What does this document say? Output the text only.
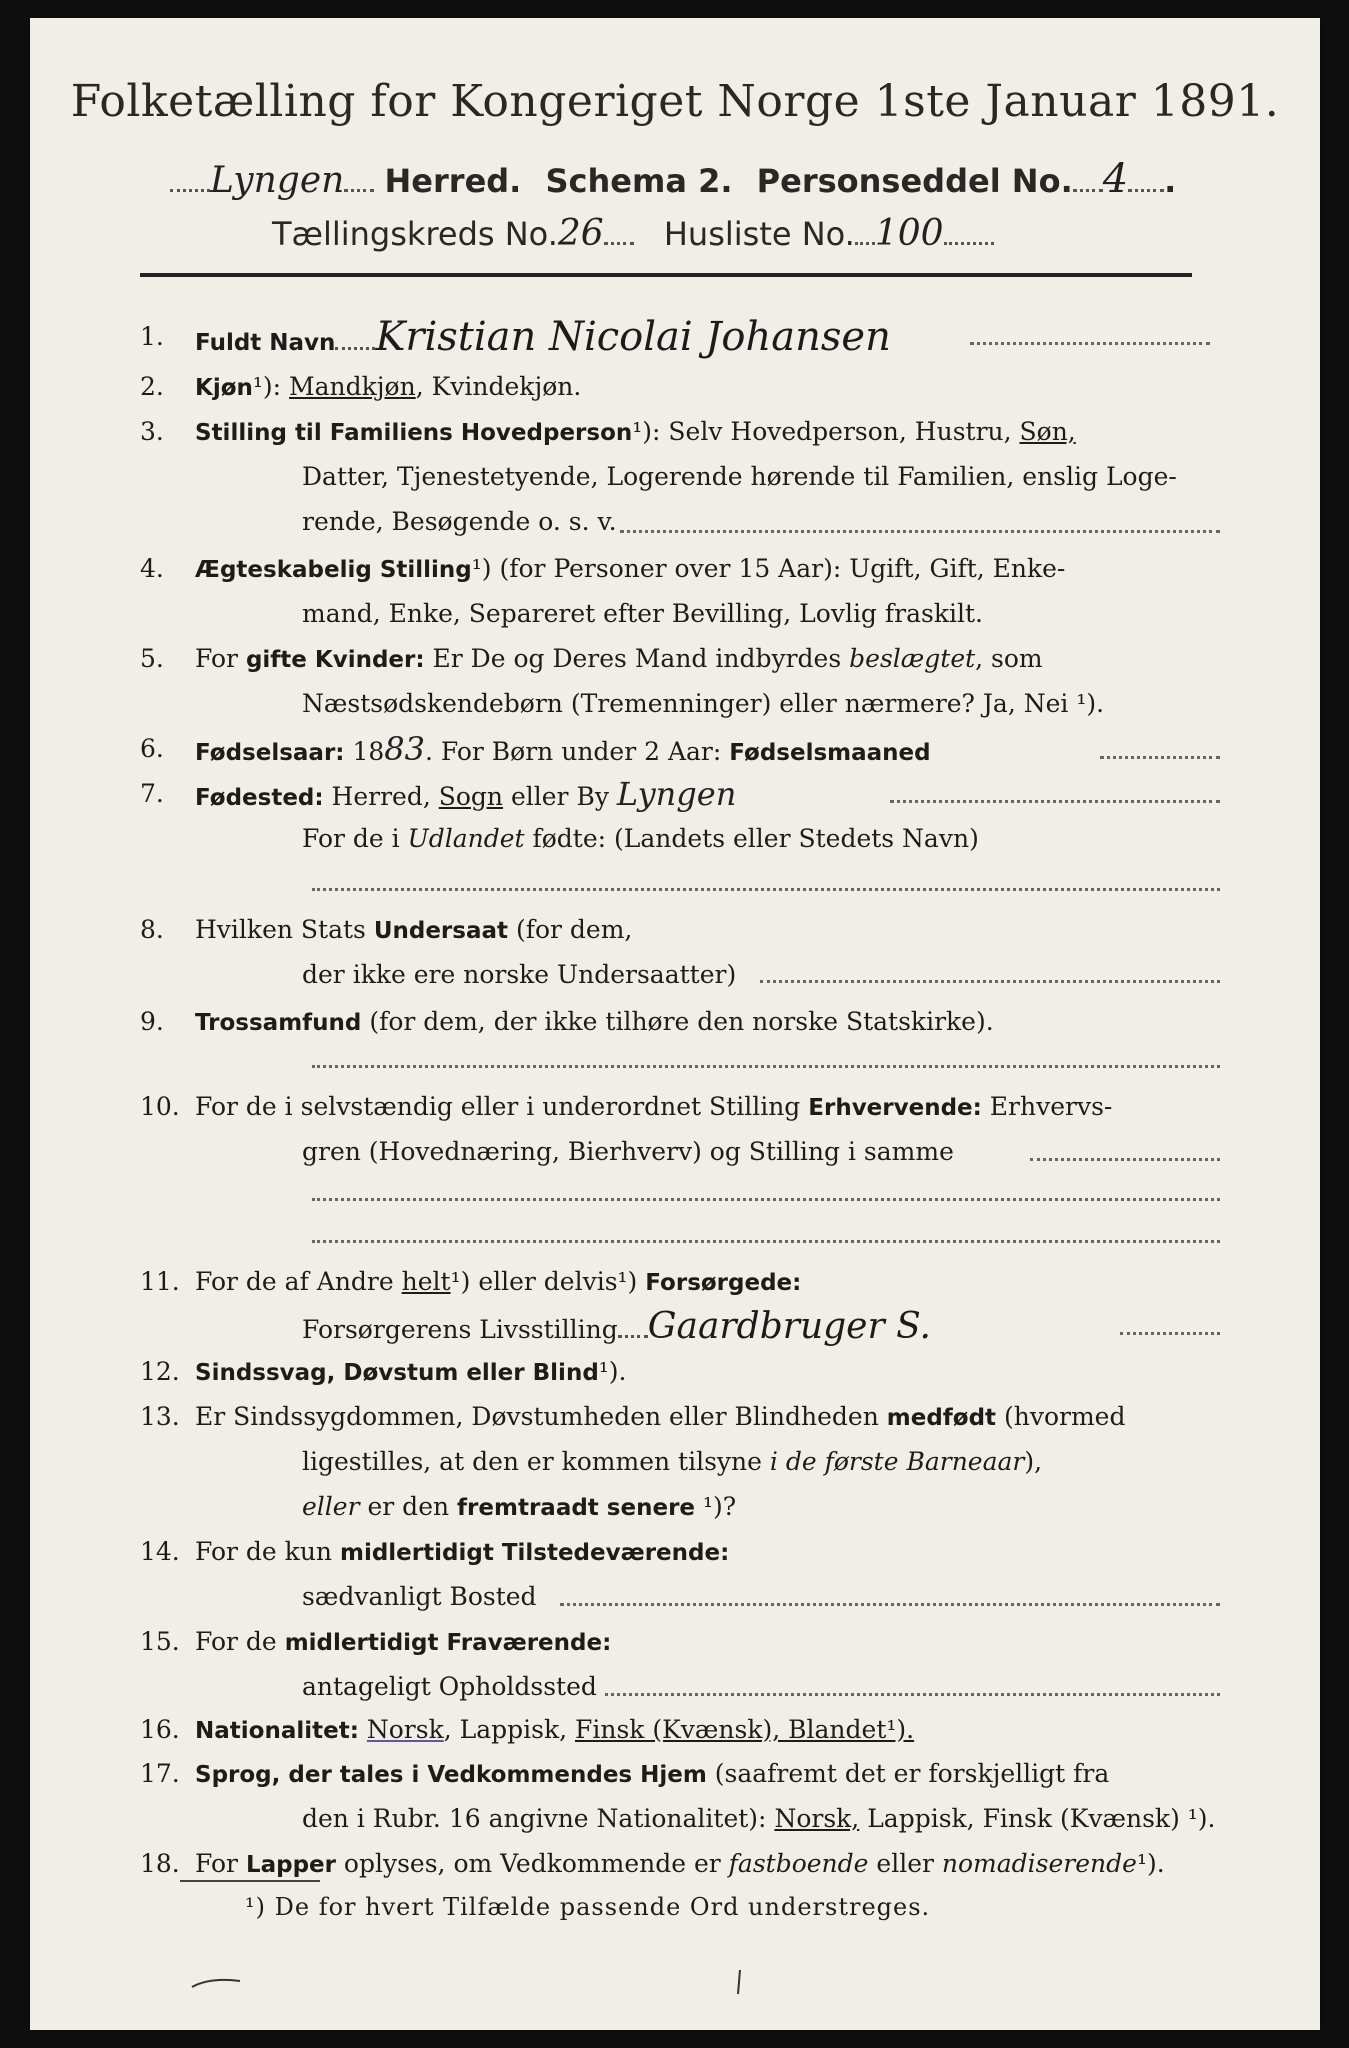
Folketælling for Kongeriget Norge 1ste Januar 1891.
Lyngen Herred. Schema 2. Personseddel No. 4 .
Tællingskreds No.26 Husliste No. 100
1.	Fuldt Navn Kristian Nicolai Johansen
2.	Kjøn¹): Mandkjøn, Kvindekjøn.
3.	Stilling til Familiens Hovedperson¹): Selv Hovedperson, Hustru, Søn,
Datter, Tjenestetyende, Logerende hørende til Familien, enslig Loge-
rende, Besøgende o. s. v.
4.	Ægteskabelig Stilling¹) (for Personer over 15 Aar): Ugift, Gift, Enke-
mand, Enke, Separeret efter Bevilling, Lovlig fraskilt.
5.	For gifte Kvinder: Er De og Deres Mand indbyrdes beslægtet, som
Næstsødskendebørn (Tremenninger) eller nærmere? Ja, Nei ¹).
6.	Fødselsaar: 1883. For Børn under 2 Aar: Fødselsmaaned
7.	Fødested: Herred, Sogn eller By Lyngen
For de i Udlandet fødte: (Landets eller Stedets Navn)
8.	Hvilken Stats Undersaat (for dem,
der ikke ere norske Undersaatter)
9.	Trossamfund (for dem, der ikke tilhøre den norske Statskirke).
10. For de i selvstændig eller i underordnet Stilling Erhvervende: Erhvervs-
gren (Hovednæring, Bierhverv) og Stilling i samme
11. For de af Andre helt¹) eller delvis¹) Forsørgede:
Forsørgerens Livsstilling Gaardbruger S.
12. Sindssvag, Døvstum eller Blind¹).
13. Er Sindssygdommen, Døvstumheden eller Blindheden medfødt (hvormed
ligestilles, at den er kommen tilsyne i de første Barneaar),
eller er den fremtraadt senere ¹)?
14. For de kun midlertidigt Tilstedeværende:
sædvanligt Bosted
15. For de midlertidigt Fraværende:
antageligt Opholdssted
16. Nationalitet: Norsk, Lappisk, Finsk (Kvænsk), Blandet¹).
17. Sprog, der tales i Vedkommendes Hjem (saafremt det er forskjelligt fra
den i Rubr. 16 angivne Nationalitet): Norsk, Lappisk, Finsk (Kvænsk) ¹).
18. For Lapper oplyses, om Vedkommende er fastboende eller nomadiserende¹).
¹) De for hvert Tilfælde passende Ord understreges.
